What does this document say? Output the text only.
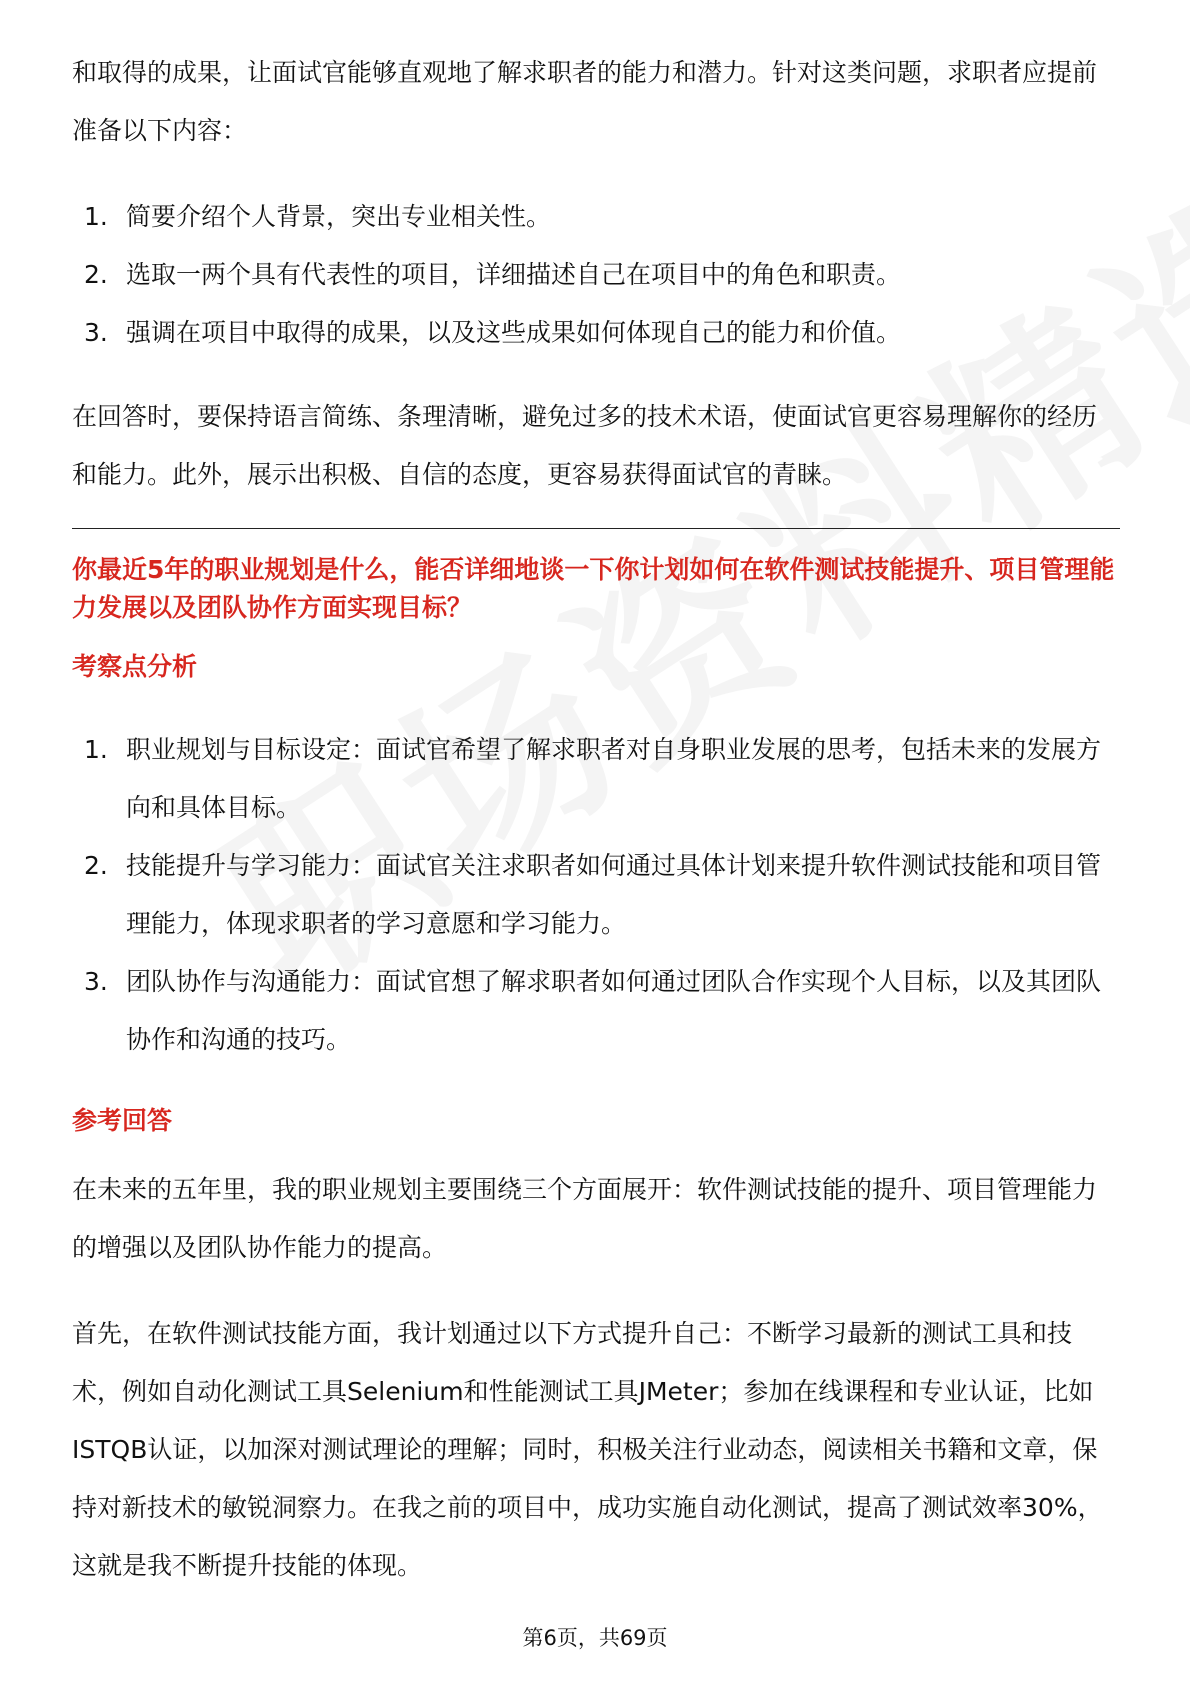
和取得的成果，让面试官能够直观地了解求职者的能力和潜力。针对这类问题，求职者应提前准备以下内容：

1. 简要介绍个人背景，突出专业相关性。
2. 选取一两个具有代表性的项目，详细描述自己在项目中的角色和职责。
3. 强调在项目中取得的成果，以及这些成果如何体现自己的能力和价值。

在回答时，要保持语言简练、条理清晰，避免过多的技术术语，使面试官更容易理解你的经历和能力。此外，展示出积极、自信的态度，更容易获得面试官的青睐。

你最近5年的职业规划是什么，能否详细地谈一下你计划如何在软件测试技能提升、项目管理能力发展以及团队协作方面实现目标？

考察点分析

1. 职业规划与目标设定：面试官希望了解求职者对自身职业发展的思考，包括未来的发展方向和具体目标。
2. 技能提升与学习能力：面试官关注求职者如何通过具体计划来提升软件测试技能和项目管理能力，体现求职者的学习意愿和学习能力。
3. 团队协作与沟通能力：面试官想了解求职者如何通过团队合作实现个人目标，以及其团队协作和沟通的技巧。

参考回答

在未来的五年里，我的职业规划主要围绕三个方面展开：软件测试技能的提升、项目管理能力的增强以及团队协作能力的提高。

首先，在软件测试技能方面，我计划通过以下方式提升自己：不断学习最新的测试工具和技术，例如自动化测试工具Selenium和性能测试工具JMeter；参加在线课程和专业认证，比如ISTQB认证，以加深对测试理论的理解；同时，积极关注行业动态，阅读相关书籍和文章，保持对新技术的敏锐洞察力。在我之前的项目中，成功实施自动化测试，提高了测试效率30%，这就是我不断提升技能的体现。

第6页，共69页
